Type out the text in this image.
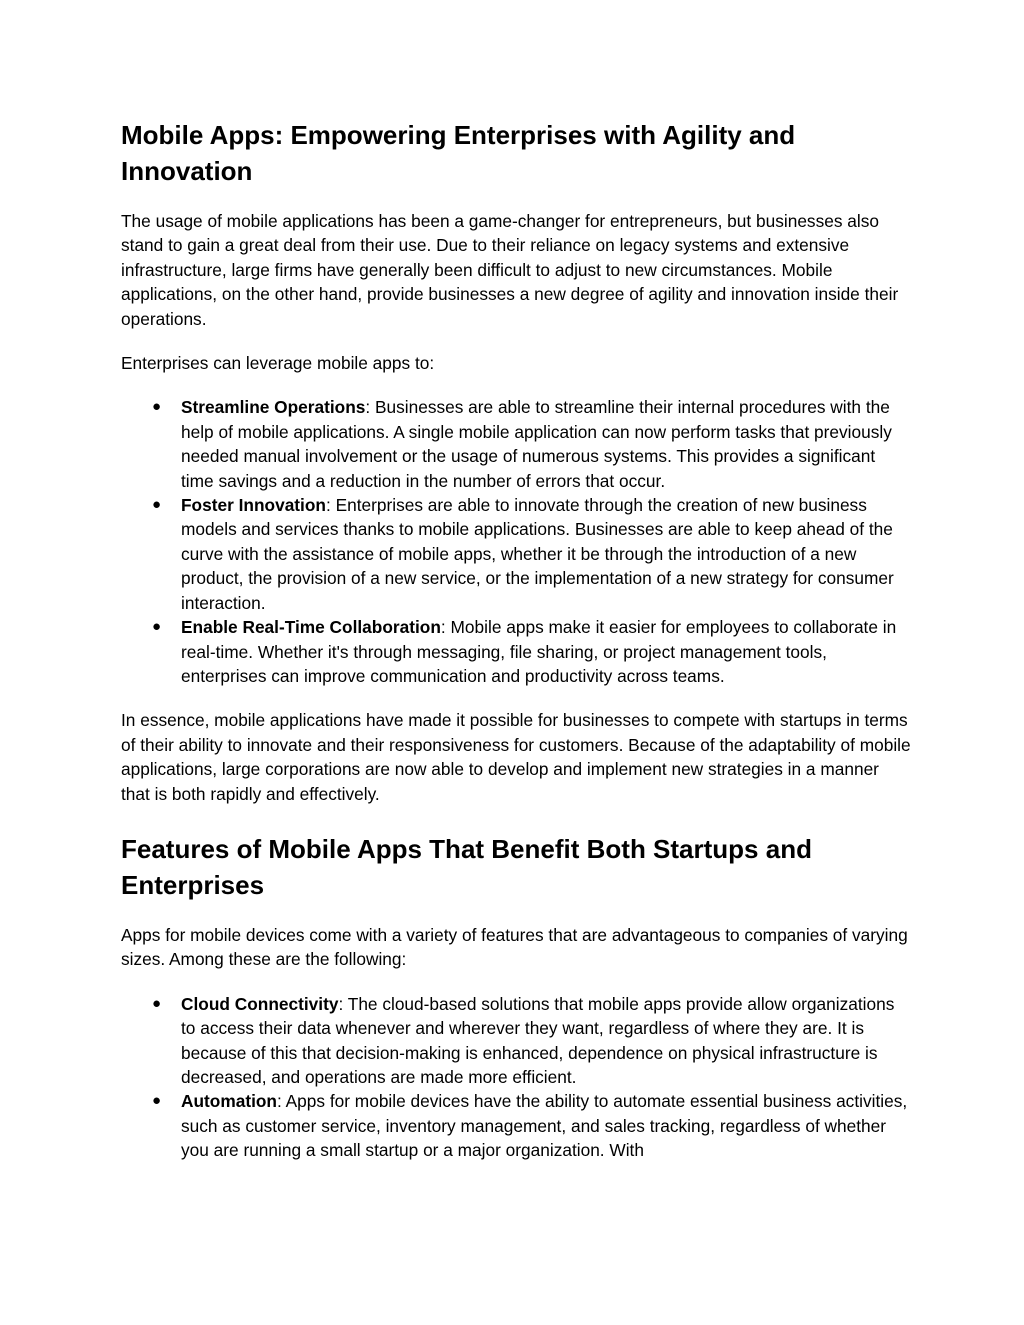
Mobile Apps: Empowering Enterprises with Agility and Innovation

The usage of mobile applications has been a game-changer for entrepreneurs, but businesses also stand to gain a great deal from their use. Due to their reliance on legacy systems and extensive infrastructure, large firms have generally been difficult to adjust to new circumstances. Mobile applications, on the other hand, provide businesses a new degree of agility and innovation inside their operations.

Enterprises can leverage mobile apps to:

● Streamline Operations: Businesses are able to streamline their internal procedures with the help of mobile applications. A single mobile application can now perform tasks that previously needed manual involvement or the usage of numerous systems. This provides a significant time savings and a reduction in the number of errors that occur.
● Foster Innovation: Enterprises are able to innovate through the creation of new business models and services thanks to mobile applications. Businesses are able to keep ahead of the curve with the assistance of mobile apps, whether it be through the introduction of a new product, the provision of a new service, or the implementation of a new strategy for consumer interaction.
● Enable Real-Time Collaboration: Mobile apps make it easier for employees to collaborate in real-time. Whether it's through messaging, file sharing, or project management tools, enterprises can improve communication and productivity across teams.

In essence, mobile applications have made it possible for businesses to compete with startups in terms of their ability to innovate and their responsiveness for customers. Because of the adaptability of mobile applications, large corporations are now able to develop and implement new strategies in a manner that is both rapidly and effectively.

Features of Mobile Apps That Benefit Both Startups and Enterprises

Apps for mobile devices come with a variety of features that are advantageous to companies of varying sizes. Among these are the following:

● Cloud Connectivity: The cloud-based solutions that mobile apps provide allow organizations to access their data whenever and wherever they want, regardless of where they are. It is because of this that decision-making is enhanced, dependence on physical infrastructure is decreased, and operations are made more efficient.
● Automation: Apps for mobile devices have the ability to automate essential business activities, such as customer service, inventory management, and sales tracking, regardless of whether you are running a small startup or a major organization. With
